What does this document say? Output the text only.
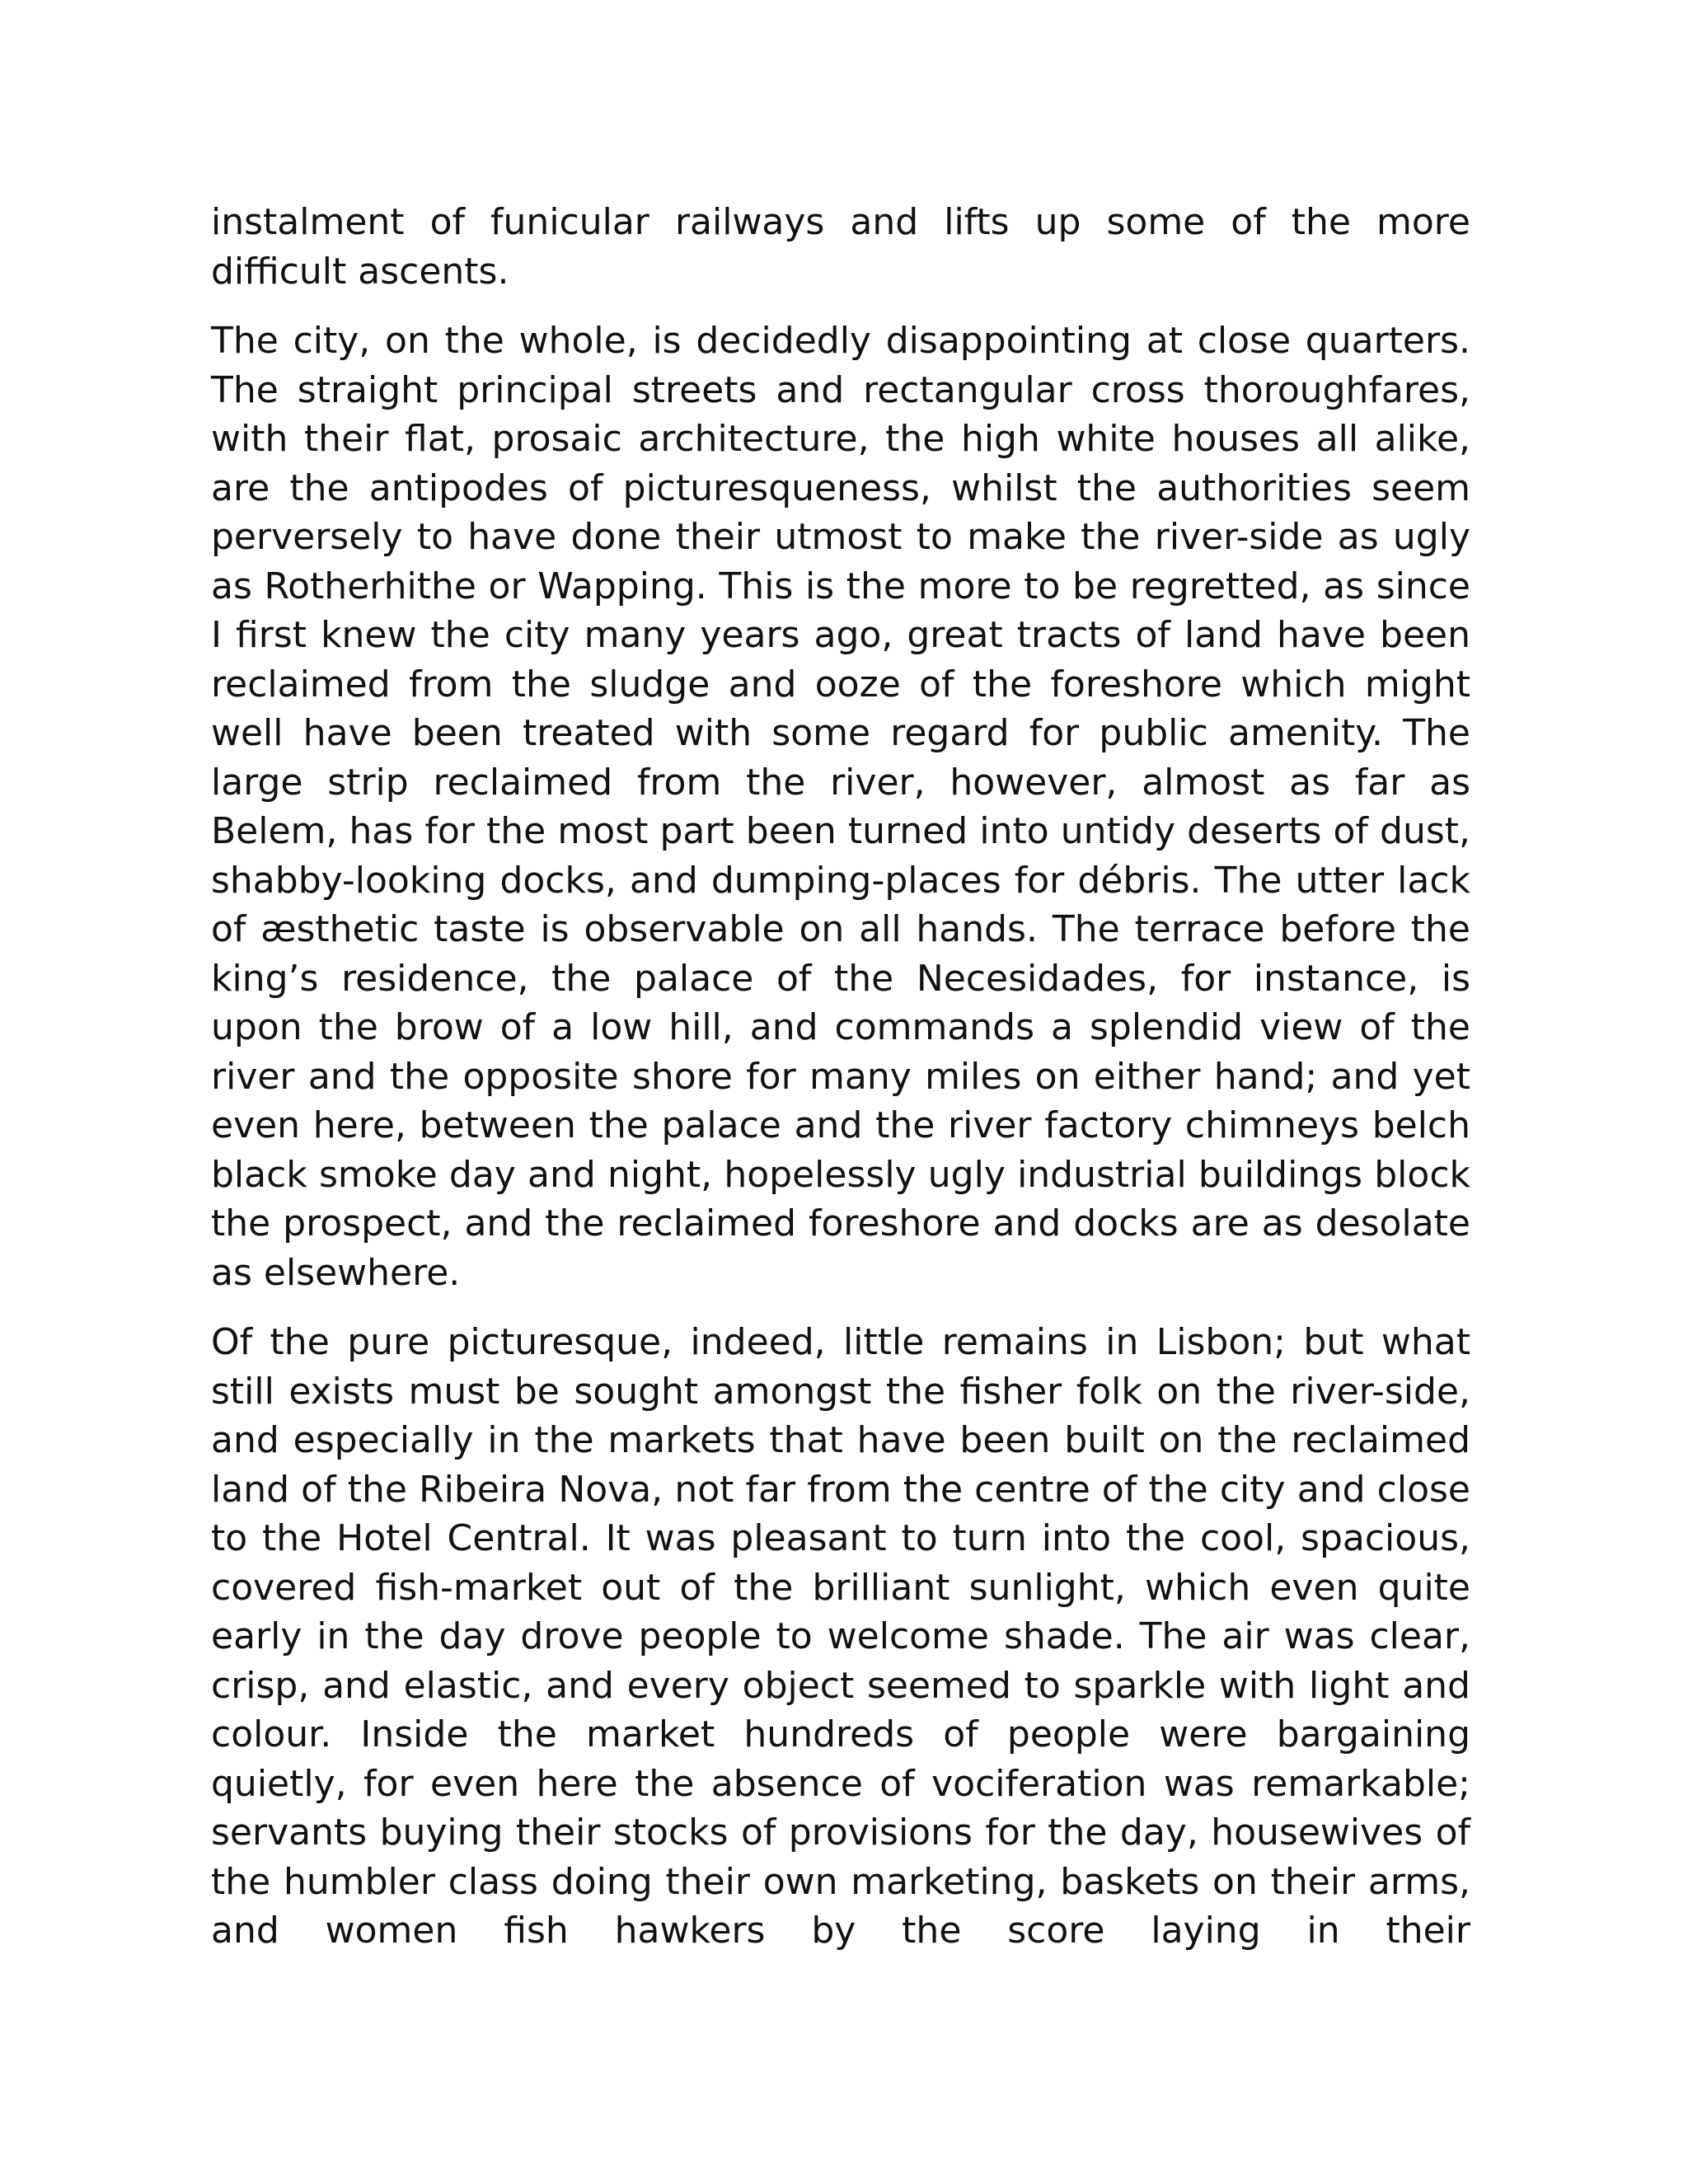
instalment of funicular railways and lifts up some of the more difficult ascents.

The city, on the whole, is decidedly disappointing at close quarters. The straight principal streets and rectangular cross thoroughfares, with their flat, prosaic architecture, the high white houses all alike, are the antipodes of picturesqueness, whilst the authorities seem perversely to have done their utmost to make the river-side as ugly as Rotherhithe or Wapping. This is the more to be regretted, as since I first knew the city many years ago, great tracts of land have been reclaimed from the sludge and ooze of the foreshore which might well have been treated with some regard for public amenity. The large strip reclaimed from the river, however, almost as far as Belem, has for the most part been turned into untidy deserts of dust, shabby-looking docks, and dumping-places for débris. The utter lack of æsthetic taste is observable on all hands. The terrace before the king’s residence, the palace of the Necesidades, for instance, is upon the brow of a low hill, and commands a splendid view of the river and the opposite shore for many miles on either hand; and yet even here, between the palace and the river factory chimneys belch black smoke day and night, hopelessly ugly industrial buildings block the prospect, and the reclaimed foreshore and docks are as desolate as elsewhere.

Of the pure picturesque, indeed, little remains in Lisbon; but what still exists must be sought amongst the fisher folk on the river-side, and especially in the markets that have been built on the reclaimed land of the Ribeira Nova, not far from the centre of the city and close to the Hotel Central. It was pleasant to turn into the cool, spacious, covered fish-market out of the brilliant sunlight, which even quite early in the day drove people to welcome shade. The air was clear, crisp, and elastic, and every object seemed to sparkle with light and colour. Inside the market hundreds of people were bargaining quietly, for even here the absence of vociferation was remarkable; servants buying their stocks of provisions for the day, housewives of the humbler class doing their own marketing, baskets on their arms, and women fish hawkers by the score laying in their
